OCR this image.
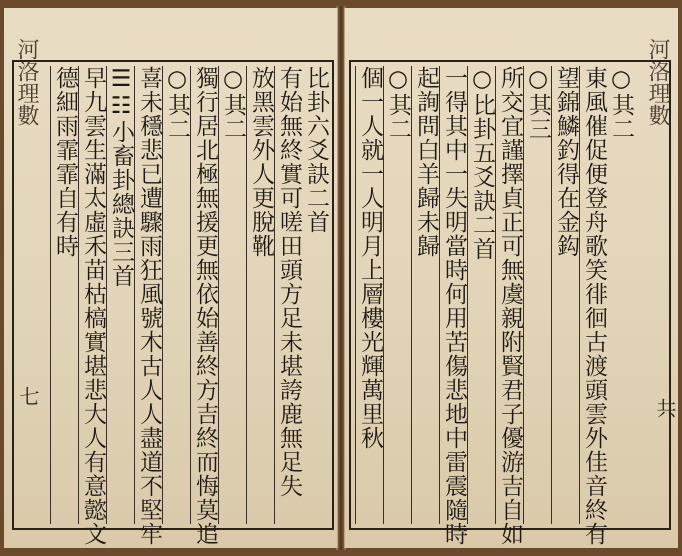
河洛理數	比卦六爻訣二首
有始無終實可嗟田頭方足未堪誇鹿無足失
放黑雲外人更脫靴
○其二
獨行居北極無援更無依始善終方吉終而悔莫追
○其二
喜未穩悲已遭驟雨狂風號木古人人盡道不堅牢
☰☷小畜卦總訣三首
早九雲生滿太虛禾苗枯槁實堪悲大人有意懿文
德細雨霏霏自有時
七
河洛理數
○其二
東風催促便登舟歌笑徘徊古渡頭雲外佳音終有
望錦鱗釣得在金鈎
○其三
所交宜謹擇貞正可無虞親附賢君子優游吉自如
○比卦五爻訣二首
一得其中一失明當時何用苦傷悲地中雷震隨時
起詢問白羊歸未歸
○其二
個一人就一人明月上層樓光輝萬里秋	共
